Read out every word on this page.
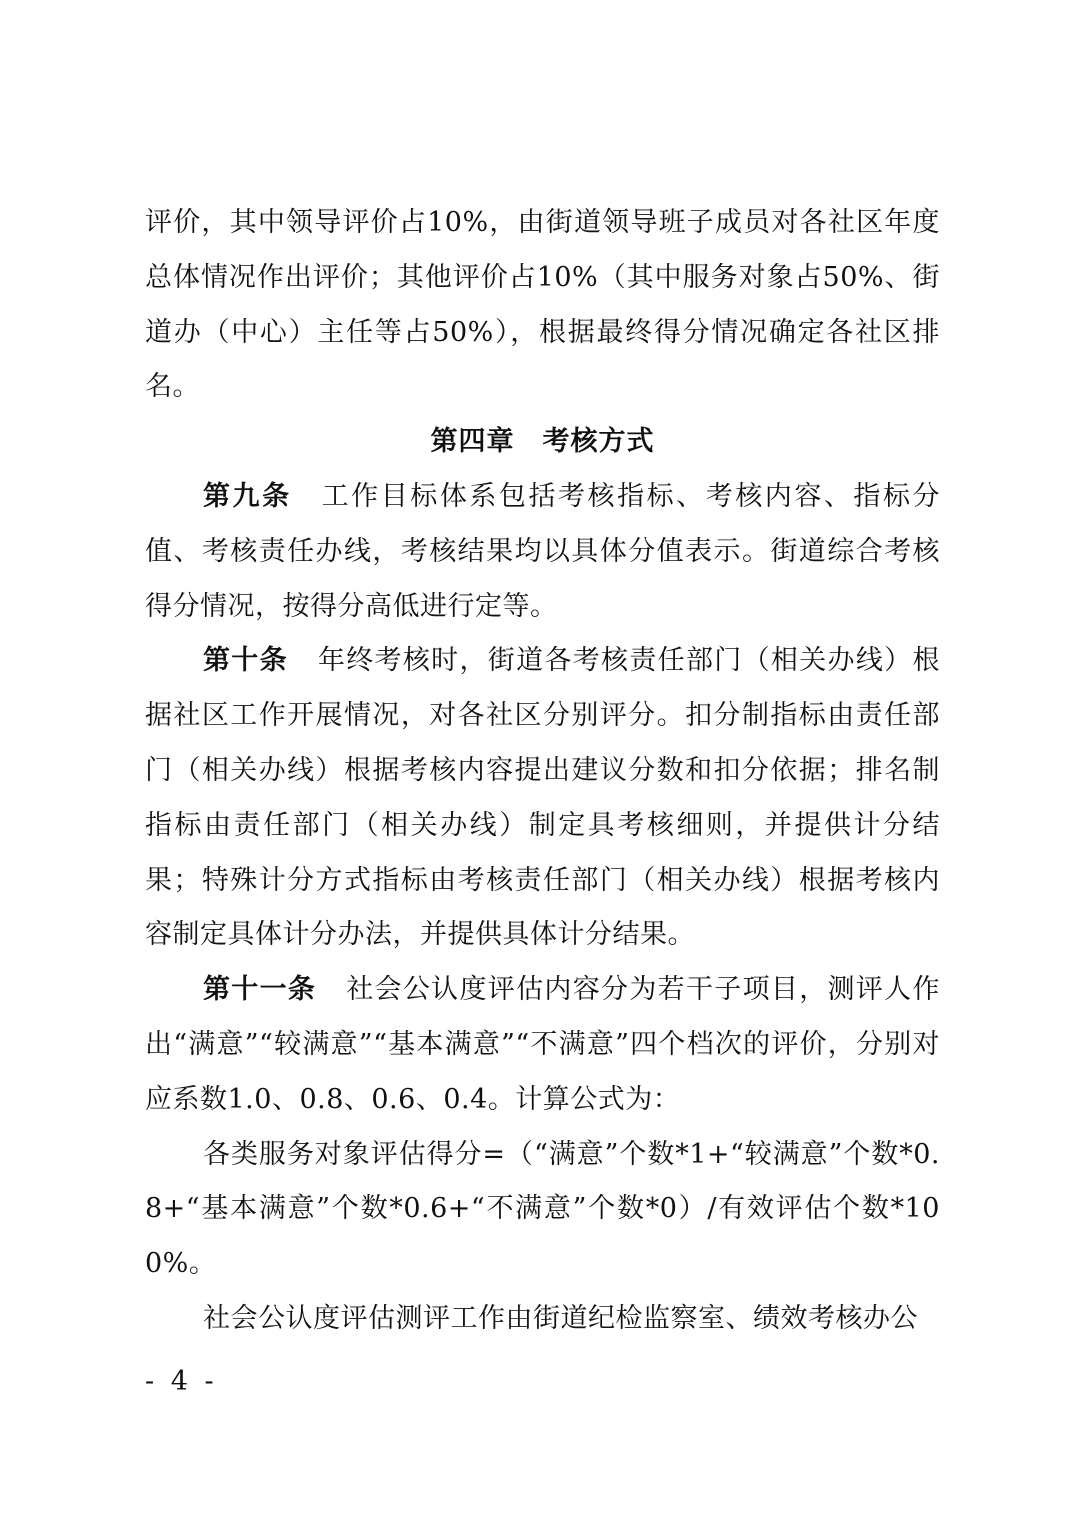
评价，其中领导评价占10%，由街道领导班子成员对各社区年度总体情况作出评价；其他评价占10%（其中服务对象占50%、街道办（中心）主任等占50%），根据最终得分情况确定各社区排名。

第四章 考核方式

第九条 工作目标体系包括考核指标、考核内容、指标分值、考核责任办线，考核结果均以具体分值表示。街道综合考核得分情况，按得分高低进行定等。

第十条 年终考核时，街道各考核责任部门（相关办线）根据社区工作开展情况，对各社区分别评分。扣分制指标由责任部门（相关办线）根据考核内容提出建议分数和扣分依据；排名制指标由责任部门（相关办线）制定具考核细则，并提供计分结果；特殊计分方式指标由考核责任部门（相关办线）根据考核内容制定具体计分办法，并提供具体计分结果。

第十一条 社会公认度评估内容分为若干子项目，测评人作出“满意”“较满意”“基本满意”“不满意”四个档次的评价，分别对应系数1.0、0.8、0.6、0.4。计算公式为：

各类服务对象评估得分=（“满意”个数*1+“较满意”个数*0.8+“基本满意”个数*0.6+“不满意”个数*0）/有效评估个数*100%。

社会公认度评估测评工作由街道纪检监察室、绩效考核办公

- 4 -
